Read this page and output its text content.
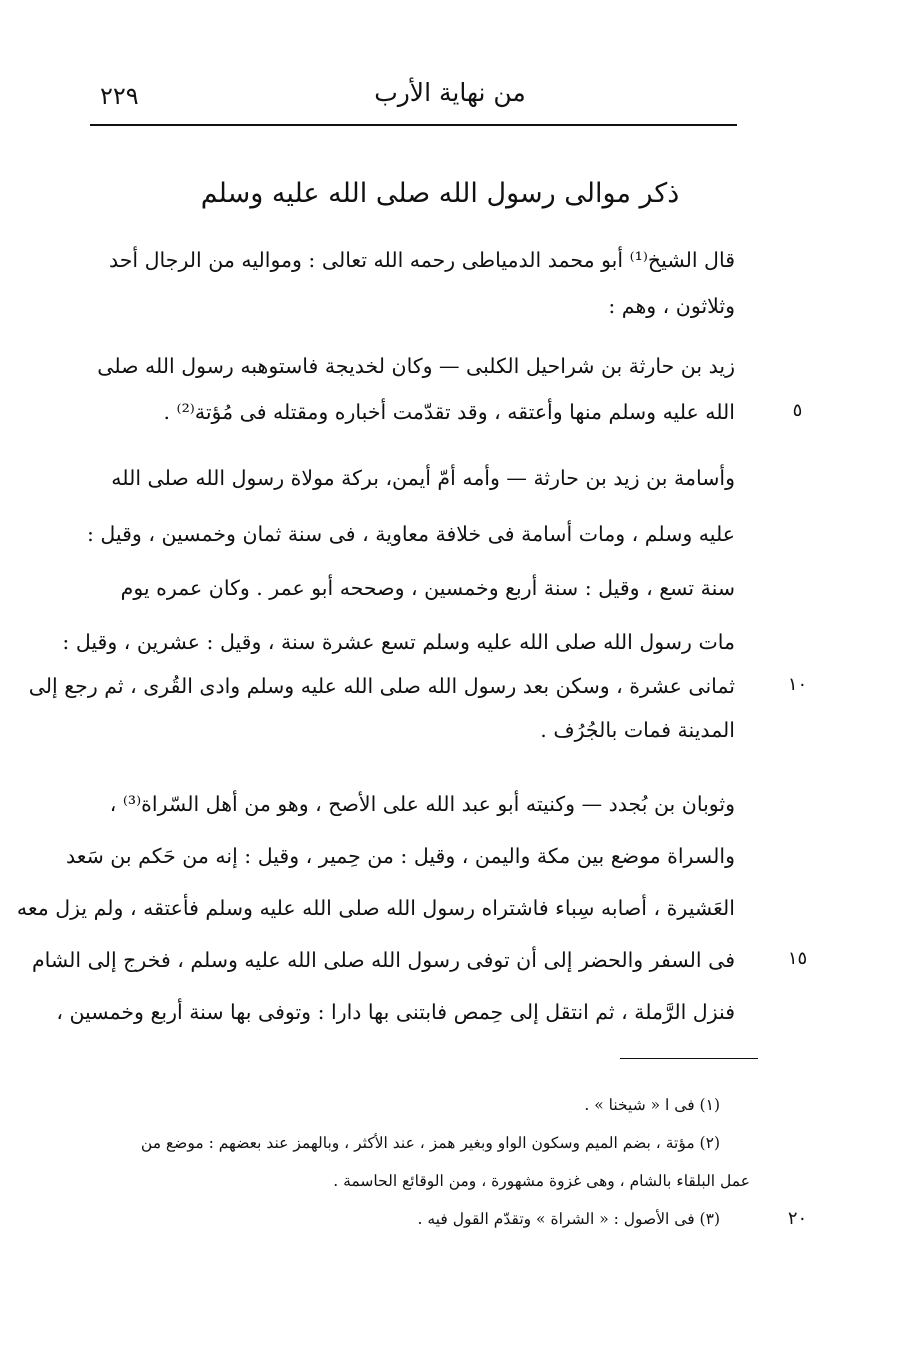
من نهاية الأرب
٢٢٩
ذكر موالى رسول الله صلى الله عليه وسلم
قال الشيخ⁽¹⁾ أبو محمد الدمياطى رحمه الله تعالى : ومواليه من الرجال أحد
وثلاثون ، وهم :
زيد بن حارثة بن شراحيل الكلبى — وكان لخديجة فاستوهبه رسول الله صلى
الله عليه وسلم منها وأعتقه ، وقد تقدّمت أخباره ومقتله فى مُؤتة⁽²⁾ .
وأسامة بن زيد بن حارثة — وأمه أمّ أيمن، بركة مولاة رسول الله صلى الله
عليه وسلم ، ومات أسامة فى خلافة معاوية ، فى سنة ثمان وخمسين ، وقيل :
سنة تسع ، وقيل : سنة أربع وخمسين ، وصححه أبو عمر . وكان عمره يوم
مات رسول الله صلى الله عليه وسلم تسع عشرة سنة ، وقيل : عشرين ، وقيل :
ثمانى عشرة ، وسكن بعد رسول الله صلى الله عليه وسلم وادى القُرى ، ثم رجع إلى
المدينة فمات بالجُرُف .
وثوبان بن بُجدد — وكنيته أبو عبد الله على الأصح ، وهو من أهل السّراة⁽³⁾ ،
والسراة موضع بين مكة واليمن ، وقيل : من حِمير ، وقيل : إنه من حَكم بن سَعد
العَشيرة ، أصابه سِباء فاشتراه رسول الله صلى الله عليه وسلم فأعتقه ، ولم يزل معه
فى السفر والحضر إلى أن توفى رسول الله صلى الله عليه وسلم ، فخرج إلى الشام
فنزل الرَّملة ، ثم انتقل إلى حِمص فابتنى بها دارا : وتوفى بها سنة أربع وخمسين ،
٥
١٠
١٥
٢٠
(١) فى ا « شيخنا » .
(٢) مؤتة ، بضم الميم وسكون الواو وبغير همز ، عند الأكثر ، وبالهمز عند بعضهم : موضع من
عمل البلقاء بالشام ، وهى غزوة مشهورة ، ومن الوقائع الحاسمة .
(٣) فى الأصول : « الشراة » وتقدّم القول فيه .
